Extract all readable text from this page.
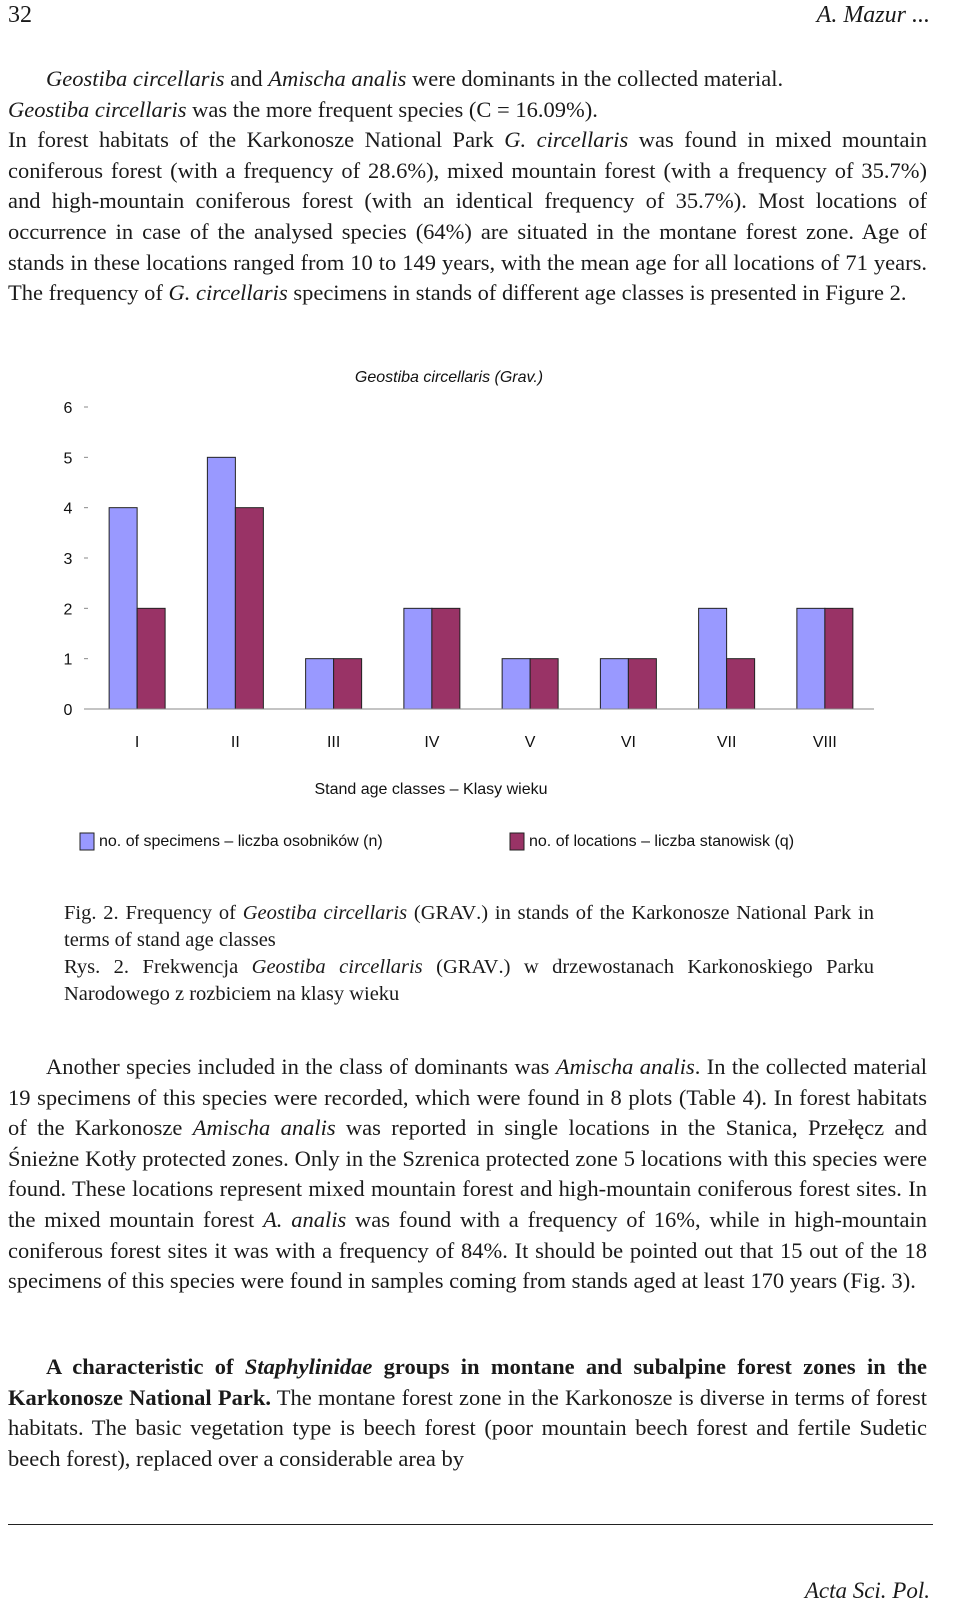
32	A. Mazur ...

Geostiba circellaris and Amischa analis were dominants in the collected material.
Geostiba circellaris was the more frequent species (C = 16.09%).
In forest habitats of the Karkonosze National Park G. circellaris was found in mixed mountain coniferous forest (with a frequency of 28.6%), mixed mountain forest (with a frequency of 35.7%) and high-mountain coniferous forest (with an identical frequency of 35.7%). Most locations of occurrence in case of the analysed species (64%) are situated in the montane forest zone. Age of stands in these locations ranged from 10 to 149 years, with the mean age for all locations of 71 years. The frequency of G. circellaris specimens in stands of different age classes is presented in Figure 2.

Geostiba circellaris (Grav.)
0
1
2
3
4
5
6
I	II	III	IV	V	VI	VII	VIII
Stand age classes – Klasy wieku
no. of specimens – liczba osobników (n)	no. of locations – liczba stanowisk (q)

Fig. 2. Frequency of Geostiba circellaris (GRAV.) in stands of the Karkonosze National Park in terms of stand age classes

Rys. 2. Frekwencja Geostiba circellaris (GRAV.) w drzewostanach Karkonoskiego Parku Narodowego z rozbiciem na klasy wieku

Another species included in the class of dominants was Amischa analis. In the collected material 19 specimens of this species were recorded, which were found in 8 plots (Table 4). In forest habitats of the Karkonosze Amischa analis was reported in single locations in the Stanica, Przełęcz and Śnieżne Kotły protected zones. Only in the Szrenica protected zone 5 locations with this species were found. These locations represent mixed mountain forest and high-mountain coniferous forest sites. In the mixed mountain forest A. analis was found with a frequency of 16%, while in high-mountain coniferous forest sites it was with a frequency of 84%. It should be pointed out that 15 out of the 18 specimens of this species were found in samples coming from stands aged at least 170 years (Fig. 3).

A characteristic of Staphylinidae groups in montane and subalpine forest zones in the Karkonosze National Park. The montane forest zone in the Karkonosze is diverse in terms of forest habitats. The basic vegetation type is beech forest (poor mountain beech forest and fertile Sudetic beech forest), replaced over a considerable area by

Acta Sci. Pol.
